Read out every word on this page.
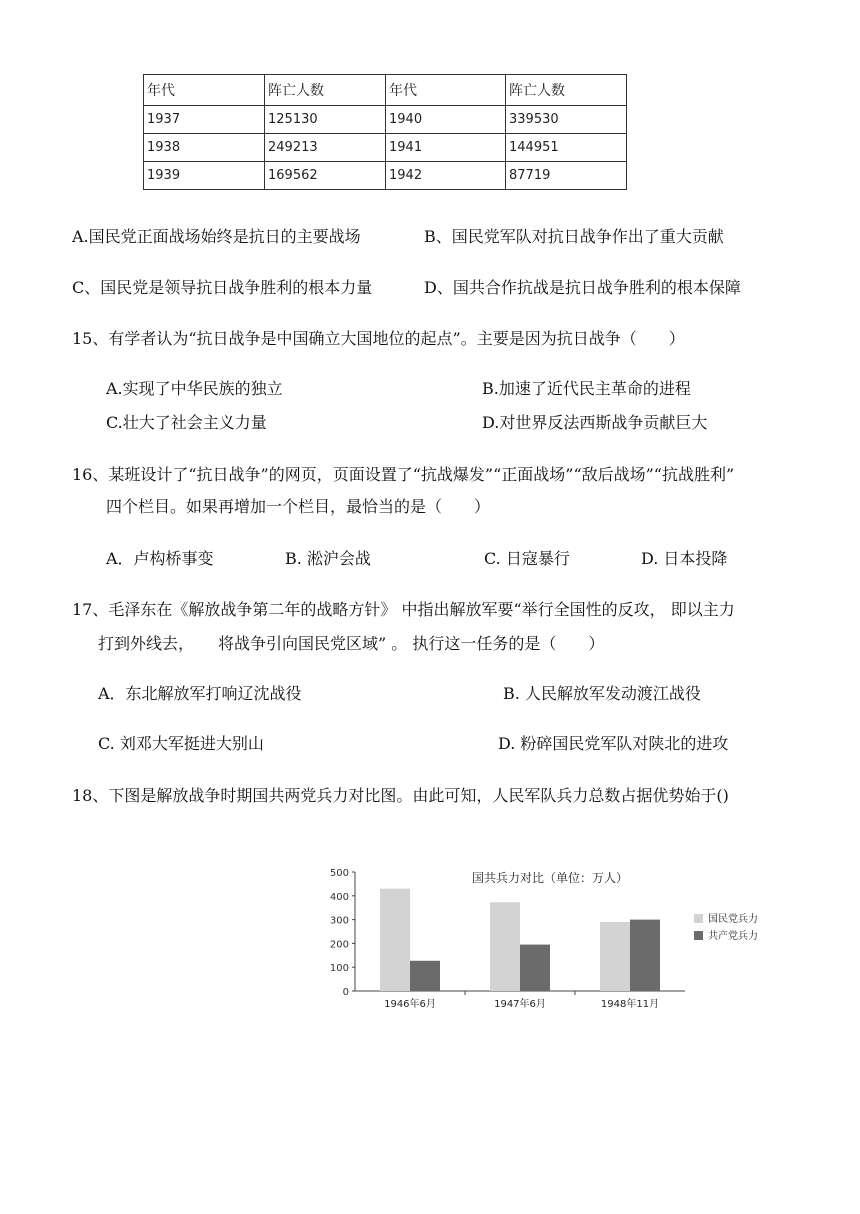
年代	阵亡人数	年代	阵亡人数
1937	125130	1940	339530
1938	249213	1941	144951
1939	169562	1942	87719
A.国民党正面战场始终是抗日的主要战场	B、国民党军队对抗日战争作出了重大贡献
C、国民党是领导抗日战争胜利的根本力量	D、国共合作抗战是抗日战争胜利的根本保障
15、有学者认为“抗日战争是中国确立大国地位的起点”。主要是因为抗日战争（　　）
A.实现了中华民族的独立	B.加速了近代民主革命的进程
C.壮大了社会主义力量	D.对世界反法西斯战争贡献巨大
16、某班设计了“抗日战争”的网页，页面设置了“抗战爆发”“正面战场”“敌后战场”“抗战胜利”
四个栏目。如果再增加一个栏目，最恰当的是（　　）
A．卢构桥事变	B. 淞沪会战	C. 日寇暴行	D. 日本投降
17、毛泽东在《解放战争第二年的战略方针》 中指出解放军要“举行全国性的反攻， 即以主力
打到外线去，　　将战争引向国民党区域” 。 执行这一任务的是（　　）
A．东北解放军打响辽沈战役	B. 人民解放军发动渡江战役
C. 刘邓大军挺进大别山	D. 粉碎国民党军队对陕北的进攻
18、下图是解放战争时期国共两党兵力对比图。由此可知，人民军队兵力总数占据优势始于()
国共兵力对比（单位：万人）
500
400
300
200
100
0
1946年6月	1947年6月	1948年11月
国民党兵力
共产党兵力
